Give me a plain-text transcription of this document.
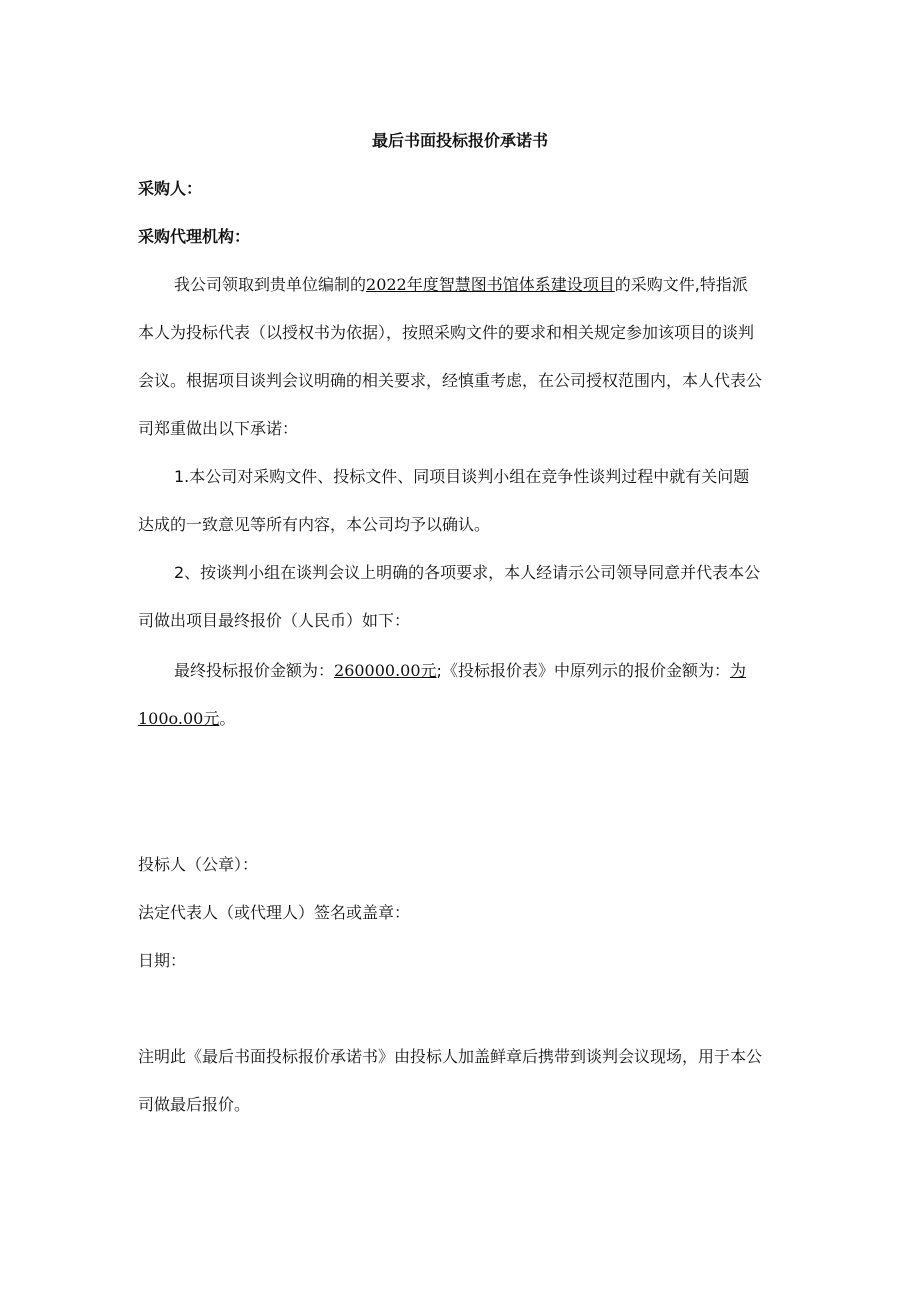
最后书面投标报价承诺书
采购人：
采购代理机构：
我公司领取到贵单位编制的2022年度智慧图书馆体系建设项目的采购文件,特指派
本人为投标代表（以授权书为依据），按照采购文件的要求和相关规定参加该项目的谈判
会议。根据项目谈判会议明确的相关要求，经慎重考虑，在公司授权范围内，本人代表公
司郑重做出以下承诺：
1.本公司对采购文件、投标文件、同项目谈判小组在竞争性谈判过程中就有关问题
达成的一致意见等所有内容，本公司均予以确认。
2、按谈判小组在谈判会议上明确的各项要求，本人经请示公司领导同意并代表本公
司做出项目最终报价（人民币）如下：
最终投标报价金额为：260000.00元;《投标报价表》中原列示的报价金额为：为
100o.00元。
投标人（公章）：
法定代表人（或代理人）签名或盖章：
日期：
注明此《最后书面投标报价承诺书》由投标人加盖鲜章后携带到谈判会议现场，用于本公
司做最后报价。
